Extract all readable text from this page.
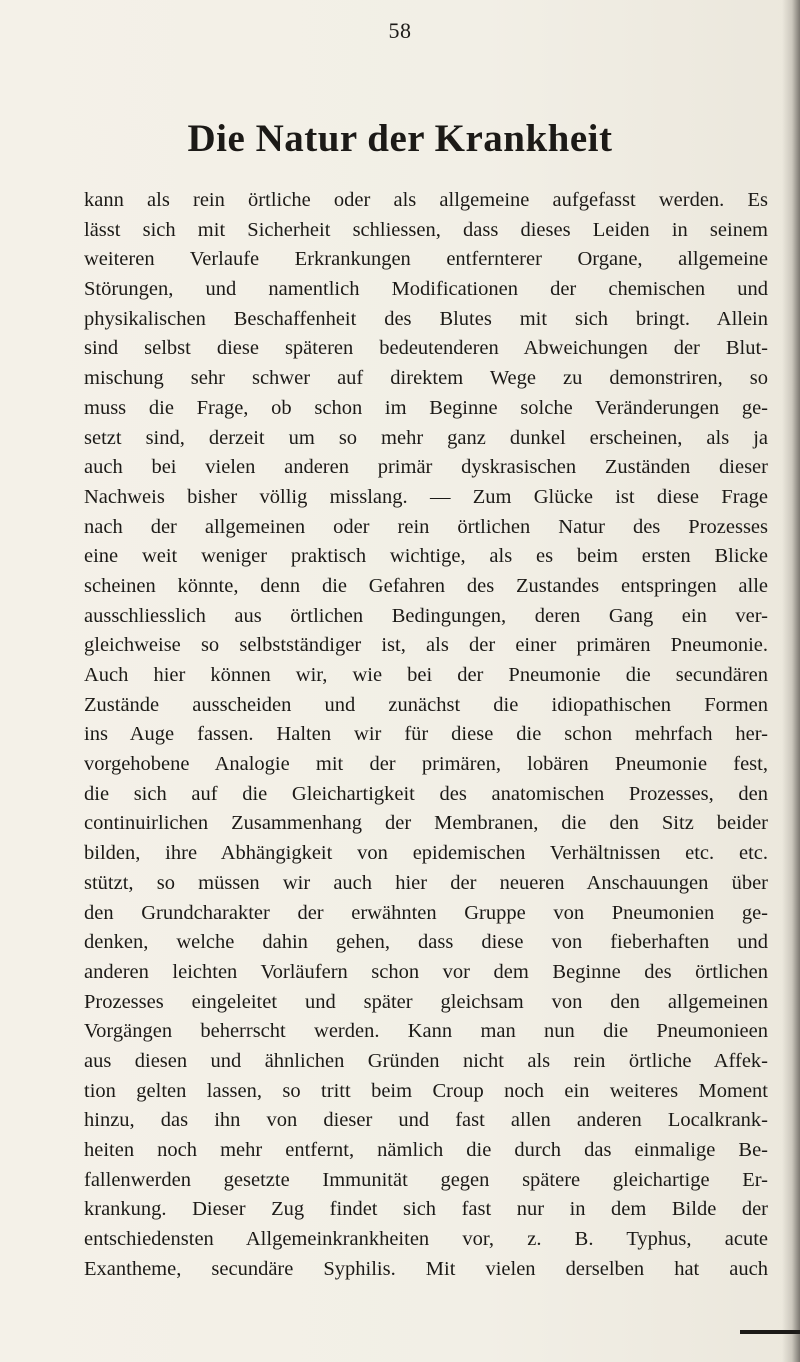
58
Die Natur der Krankheit
kann als rein örtliche oder als allgemeine aufgefasst werden. Es
lässt sich mit Sicherheit schliessen, dass dieses Leiden in seinem
weiteren Verlaufe Erkrankungen entfernterer Organe, allgemeine
Störungen, und namentlich Modificationen der chemischen und
physikalischen Beschaffenheit des Blutes mit sich bringt. Allein
sind selbst diese späteren bedeutenderen Abweichungen der Blut-
mischung sehr schwer auf direktem Wege zu demonstriren, so
muss die Frage, ob schon im Beginne solche Veränderungen ge-
setzt sind, derzeit um so mehr ganz dunkel erscheinen, als ja
auch bei vielen anderen primär dyskrasischen Zuständen dieser
Nachweis bisher völlig misslang. — Zum Glücke ist diese Frage
nach der allgemeinen oder rein örtlichen Natur des Prozesses
eine weit weniger praktisch wichtige, als es beim ersten Blicke
scheinen könnte, denn die Gefahren des Zustandes entspringen alle
ausschliesslich aus örtlichen Bedingungen, deren Gang ein ver-
gleichweise so selbstständiger ist, als der einer primären Pneumonie.
Auch hier können wir, wie bei der Pneumonie die secundären
Zustände ausscheiden und zunächst die idiopathischen Formen
ins Auge fassen. Halten wir für diese die schon mehrfach her-
vorgehobene Analogie mit der primären, lobären Pneumonie fest,
die sich auf die Gleichartigkeit des anatomischen Prozesses, den
continuirlichen Zusammenhang der Membranen, die den Sitz beider
bilden, ihre Abhängigkeit von epidemischen Verhältnissen etc. etc.
stützt, so müssen wir auch hier der neueren Anschauungen über
den Grundcharakter der erwähnten Gruppe von Pneumonien ge-
denken, welche dahin gehen, dass diese von fieberhaften und
anderen leichten Vorläufern schon vor dem Beginne des örtlichen
Prozesses eingeleitet und später gleichsam von den allgemeinen
Vorgängen beherrscht werden. Kann man nun die Pneumonieen
aus diesen und ähnlichen Gründen nicht als rein örtliche Affek-
tion gelten lassen, so tritt beim Croup noch ein weiteres Moment
hinzu, das ihn von dieser und fast allen anderen Localkrank-
heiten noch mehr entfernt, nämlich die durch das einmalige Be-
fallenwerden gesetzte Immunität gegen spätere gleichartige Er-
krankung. Dieser Zug findet sich fast nur in dem Bilde der
entschiedensten Allgemeinkrankheiten vor, z. B. Typhus, acute
Exantheme, secundäre Syphilis. Mit vielen derselben hat auch
